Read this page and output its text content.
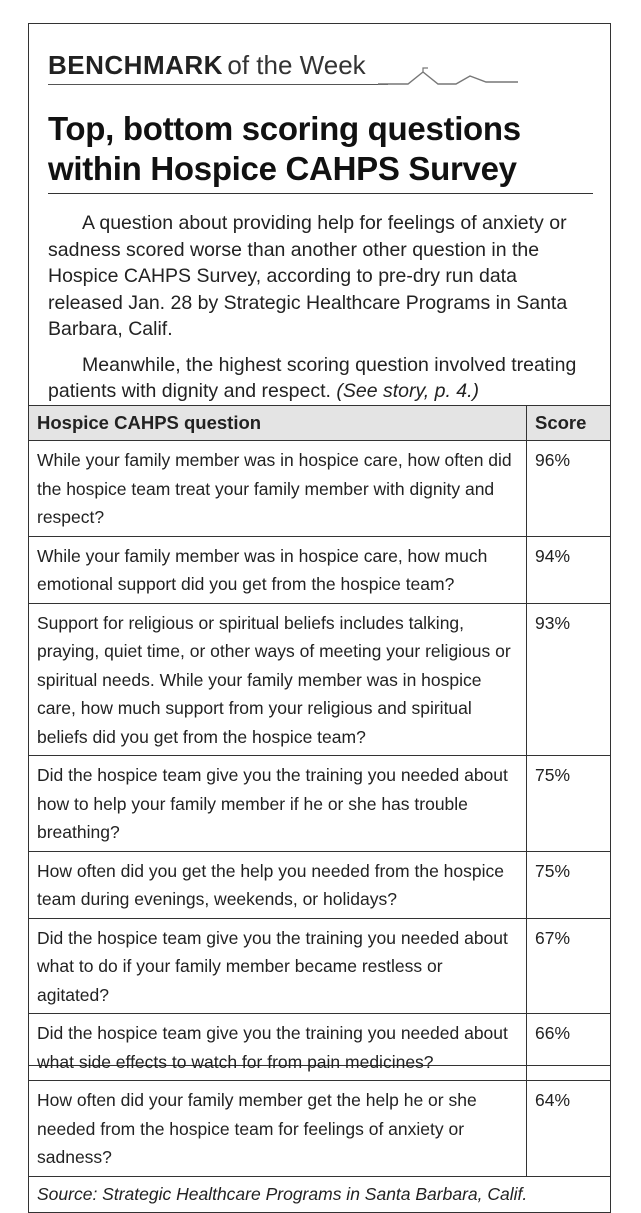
BENCHMARK of the Week
Top, bottom scoring questions within Hospice CAHPS Survey

A question about providing help for feelings of anxiety or sadness scored worse than another other question in the Hospice CAHPS Survey, according to pre-dry run data released Jan. 28 by Strategic Healthcare Programs in Santa Barbara, Calif.

Meanwhile, the highest scoring question involved treating patients with dignity and respect. (See story, p. 4.)

Hospice CAHPS question	Score
While your family member was in hospice care, how often did the hospice team treat your family member with dignity and respect?	96%
While your family member was in hospice care, how much emotional support did you get from the hospice team?	94%
Support for religious or spiritual beliefs includes talking, praying, quiet time, or other ways of meeting your religious or spiritual needs. While your family member was in hospice care, how much support from your religious and spiritual beliefs did you get from the hospice team?	93%
Did the hospice team give you the training you needed about how to help your family member if he or she has trouble breathing?	75%
How often did you get the help you needed from the hospice team during evenings, weekends, or holidays?	75%
Did the hospice team give you the training you needed about what to do if your family member became restless or agitated?	67%
Did the hospice team give you the training you needed about what side effects to watch for from pain medicines?	66%
How often did your family member get the help he or she needed from the hospice team for feelings of anxiety or sadness?	64%
Source: Strategic Healthcare Programs in Santa Barbara, Calif.	
